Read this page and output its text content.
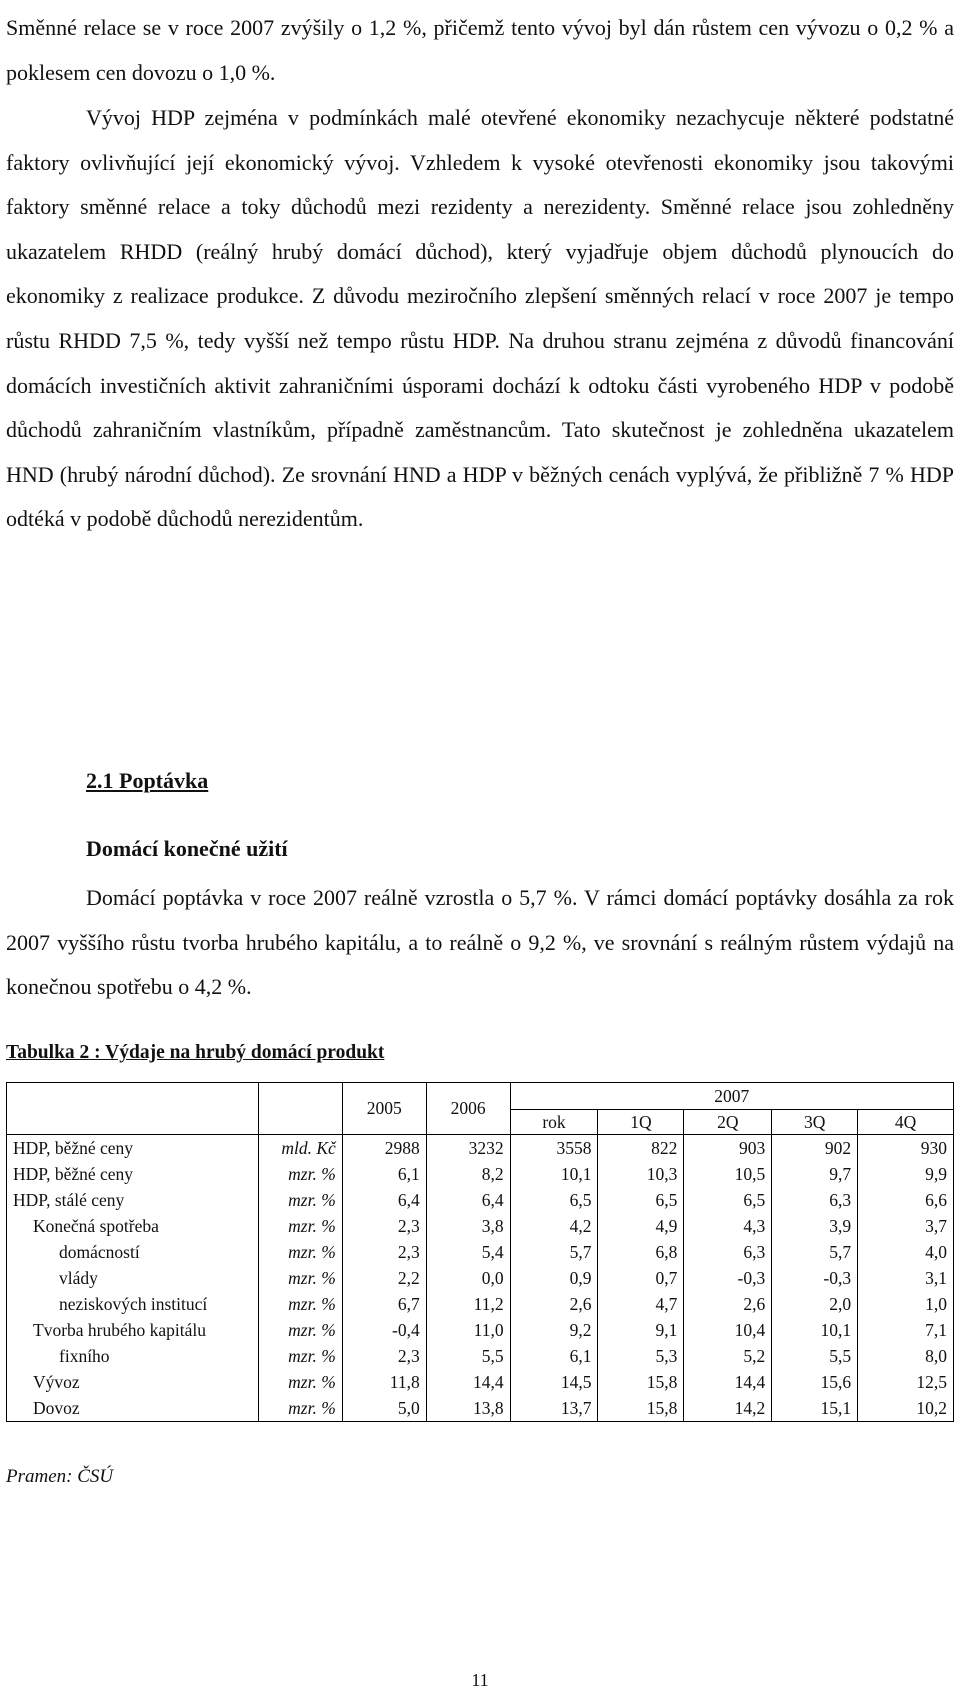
Směnné relace se v roce 2007 zvýšily o 1,2 %, přičemž tento vývoj byl dán růstem cen vývozu o 0,2 % a poklesem cen dovozu o 1,0 %.

Vývoj HDP zejména v podmínkách malé otevřené ekonomiky nezachycuje některé podstatné faktory ovlivňující její ekonomický vývoj. Vzhledem k vysoké otevřenosti ekonomiky jsou takovými faktory směnné relace a toky důchodů mezi rezidenty a nerezidenty. Směnné relace jsou zohledněny ukazatelem RHDD (reálný hrubý domácí důchod), který vyjadřuje objem důchodů plynoucích do ekonomiky z realizace produkce. Z důvodu meziročního zlepšení směnných relací v roce 2007 je tempo růstu RHDD 7,5 %, tedy vyšší než tempo růstu HDP. Na druhou stranu zejména z důvodů financování domácích investičních aktivit zahraničními úsporami dochází k odtoku části vyrobeného HDP v podobě důchodů zahraničním vlastníkům, případně zaměstnancům. Tato skutečnost je zohledněna ukazatelem HND (hrubý národní důchod). Ze srovnání HND a HDP v běžných cenách vyplývá, že přibližně 7 % HDP odtéká v podobě důchodů nerezidentům.

2.1 Poptávka
Domácí konečné užití

Domácí poptávka v roce 2007 reálně vzrostla o 5,7 %. V rámci domácí poptávky dosáhla za rok 2007 vyššího růstu tvorba hrubého kapitálu, a to reálně o 9,2 %, ve srovnání s reálným růstem výdajů na konečnou spotřebu o 4,2 %.

Tabulka 2 : Výdaje na hrubý domácí produkt
		2005	2006	2007				
				rok	1Q	2Q	3Q	4Q
HDP, běžné ceny	mld. Kč	2988	3232	3558	822	903	902	930
HDP, běžné ceny	mzr. %	6,1	8,2	10,1	10,3	10,5	9,7	9,9
HDP, stálé ceny	mzr. %	6,4	6,4	6,5	6,5	6,5	6,3	6,6
Konečná spotřeba	mzr. %	2,3	3,8	4,2	4,9	4,3	3,9	3,7
domácností	mzr. %	2,3	5,4	5,7	6,8	6,3	5,7	4,0
vlády	mzr. %	2,2	0,0	0,9	0,7	-0,3	-0,3	3,1
neziskových institucí	mzr. %	6,7	11,2	2,6	4,7	2,6	2,0	1,0
Tvorba hrubého kapitálu	mzr. %	-0,4	11,0	9,2	9,1	10,4	10,1	7,1
fixního	mzr. %	2,3	5,5	6,1	5,3	5,2	5,5	8,0
Vývoz	mzr. %	11,8	14,4	14,5	15,8	14,4	15,6	12,5
Dovoz	mzr. %	5,0	13,8	13,7	15,8	14,2	15,1	10,2
Pramen: ČSÚ
11
